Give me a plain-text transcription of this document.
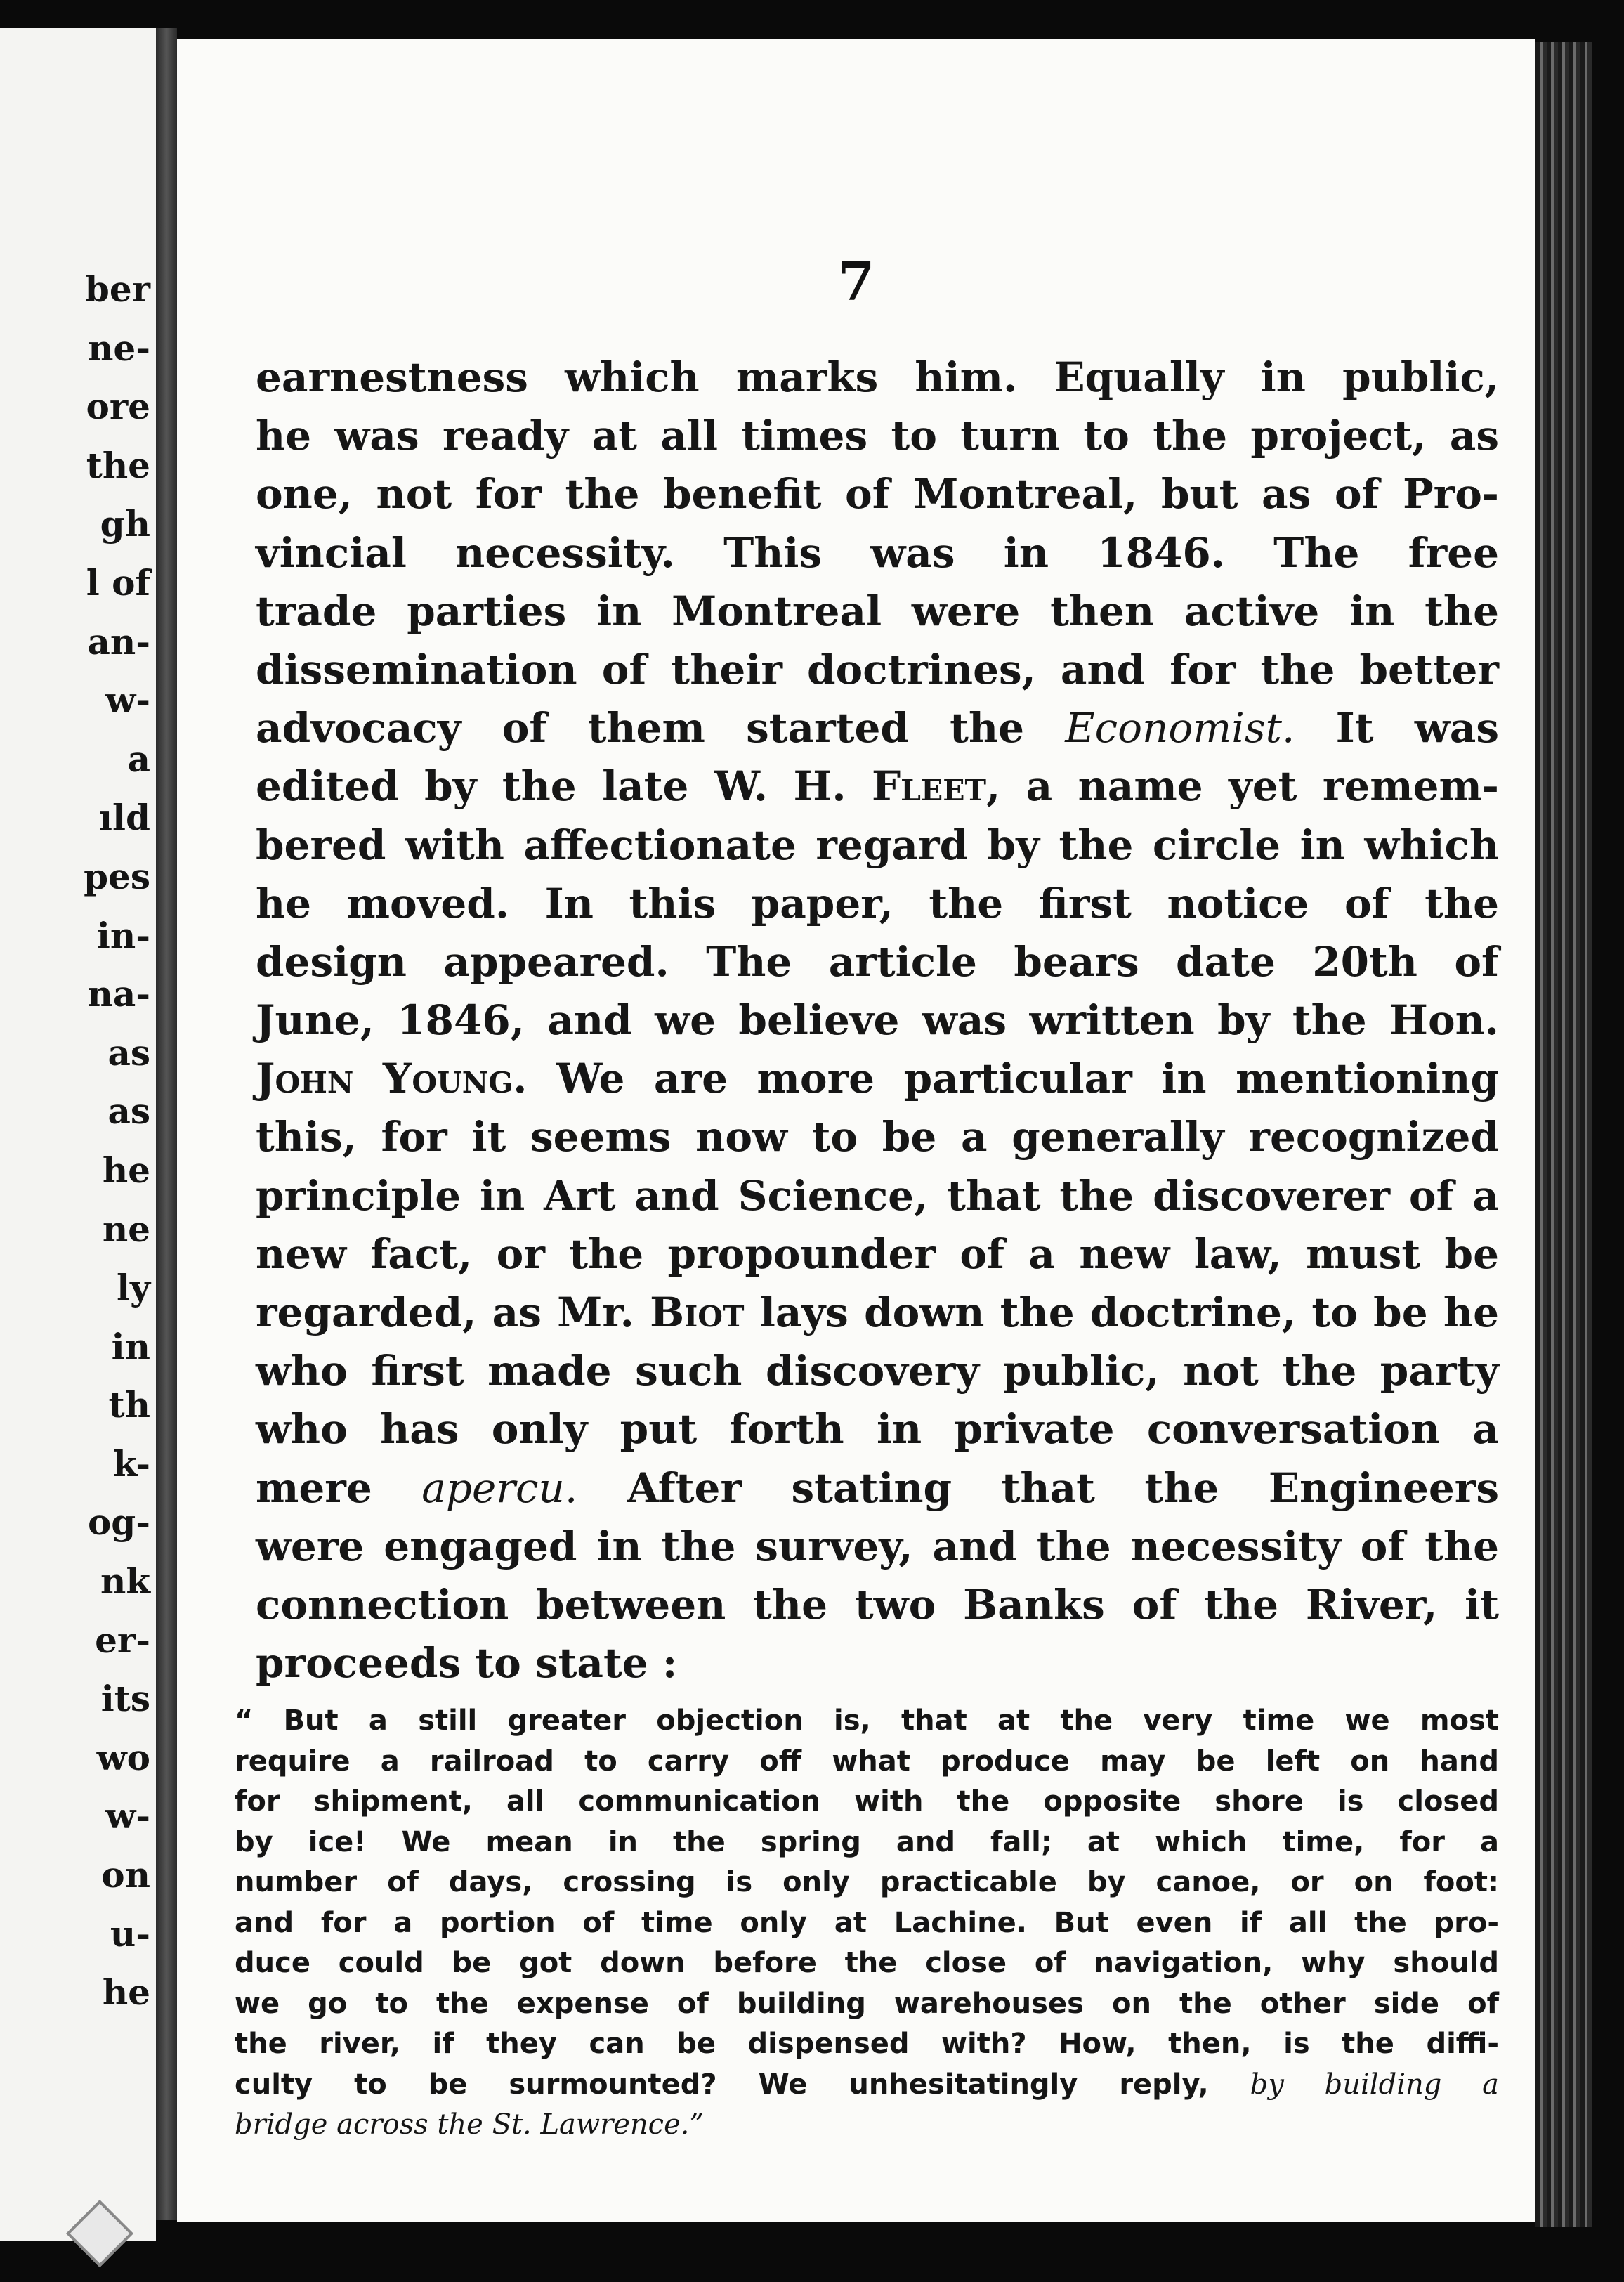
ber
ne-
ore
the
gh
l of
an-
w-
a
ıld
pes
in-
na-
as
as
he
ne
ly
in
th
k-
og-
nk
er-
its
wo
w-
on
u-
he
7
earnestness which marks him. Equally in public,
he was ready at all times to turn to the project, as
one, not for the benefit of Montreal, but as of Pro-
vincial necessity. This was in 1846. The free
trade parties in Montreal were then active in the
dissemination of their doctrines, and for the better
advocacy of them started the Economist. It was
edited by the late W. H. Fleet, a name yet remem-
bered with affectionate regard by the circle in which
he moved. In this paper, the first notice of the
design appeared. The article bears date 20th of
June, 1846, and we believe was written by the Hon.
John Young. We are more particular in mentioning
this, for it seems now to be a generally recognized
principle in Art and Science, that the discoverer of a
new fact, or the propounder of a new law, must be
regarded, as Mr. Biot lays down the doctrine, to be he
who first made such discovery public, not the party
who has only put forth in private conversation a
mere apercu. After stating that the Engineers
were engaged in the survey, and the necessity of the
connection between the two Banks of the River, it
proceeds to state :
“ But a still greater objection is, that at the very time we most
require a railroad to carry off what produce may be left on hand
for shipment, all communication with the opposite shore is closed
by ice! We mean in the spring and fall; at which time, for a
number of days, crossing is only practicable by canoe, or on foot:
and for a portion of time only at Lachine. But even if all the pro-
duce could be got down before the close of navigation, why should
we go to the expense of building warehouses on the other side of
the river, if they can be dispensed with? How, then, is the diffi-
culty to be surmounted? We unhesitatingly reply, by building a
bridge across the St. Lawrence.”
